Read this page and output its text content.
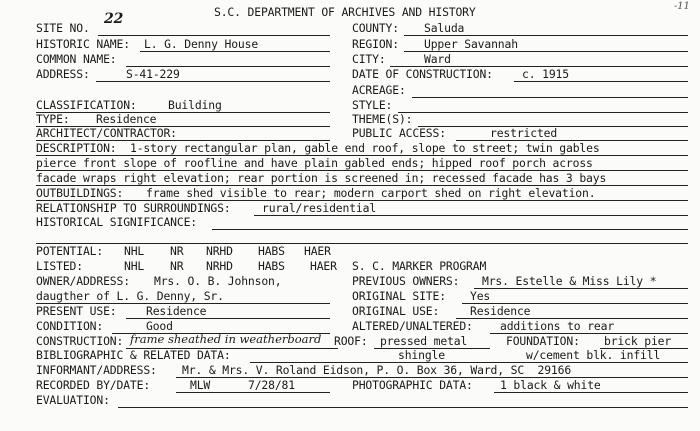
S.C. DEPARTMENT OF ARCHIVES AND HISTORY	-11
SITE NO.
22
COUNTY: Saluda
HISTORIC NAME: L. G. Denny House	REGION: Upper Savannah
COMMON NAME:	CITY:	Ward
ADDRESS:	S-41-229	DATE OF CONSTRUCTION:	c. 1915
ACREAGE:
CLASSIFICATION:	Building	STYLE:
TYPE: Residence	THEME(S):
ARCHITECT/CONTRACTOR:	PUBLIC ACCESS:	restricted
DESCRIPTION: 1-story rectangular plan, gable end roof, slope to street; twin gables
pierce front slope of roofline and have plain gabled ends; hipped roof porch across
facade wraps right elevation; rear portion is screened in; recessed facade has 3 bays
OUTBUILDINGS: frame shed visible to rear; modern carport shed on right elevation.
RELATIONSHIP TO SURROUNDINGS:	rural/residential
HISTORICAL SIGNIFICANCE:
POTENTIAL: NHL NR NRHD HABS HAER
LISTED:	NHL NR NRHD HABS HAER S. C. MARKER PROGRAM
OWNER/ADDRESS: Mrs. O. B. Johnson,	PREVIOUS OWNERS: Mrs. Estelle & Miss Lily *
daugther of L. G. Denny, Sr.	ORIGINAL SITE: Yes
PRESENT USE:	Residence	ORIGINAL USE:	Residence
CONDITION:	Good	ALTERED/UNALTERED: additions to rear
CONSTRUCTION: frame sheathed in weatherboard ROOF: pressed metal	FOUNDATION: brick pier
BIBLIOGRAPHIC & RELATED DATA:	shingle	w/cement blk. infill
INFORMANT/ADDRESS: Mr. & Mrs. V. Roland Eidson, P. O. Box 36, Ward, SC  29166
RECORDED BY/DATE:	MLW	7/28/81	PHOTOGRAPHIC DATA: 1 black & white
EVALUATION:
